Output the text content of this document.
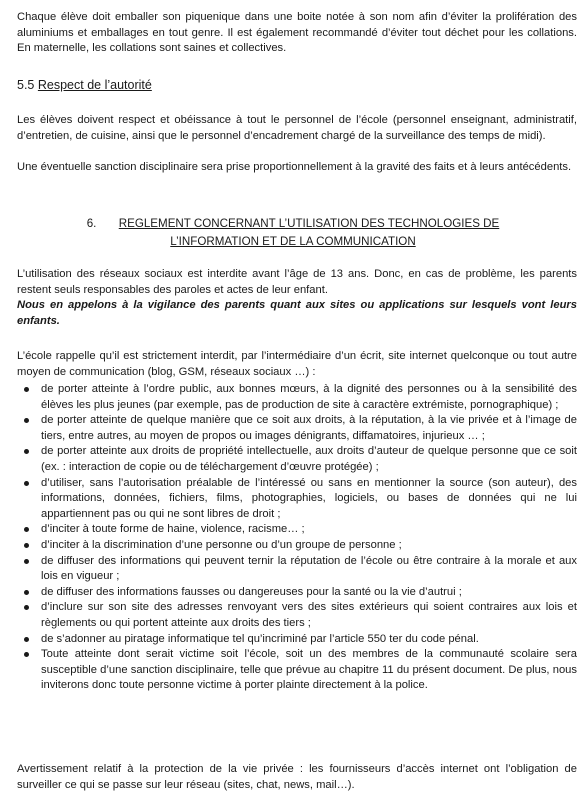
Chaque élève doit emballer son piquenique dans une boite notée à son nom afin d’éviter la prolifération des aluminiums et emballages en tout genre. Il est également recommandé d’éviter tout déchet pour les collations. En maternelle, les collations sont saines et collectives.

5.5 Respect de l’autorité

Les élèves doivent respect et obéissance à tout le personnel de l’école (personnel enseignant, administratif, d’entretien, de cuisine, ainsi que le personnel d’encadrement chargé de la surveillance des temps de midi).

Une éventuelle sanction disciplinaire sera prise proportionnellement à la gravité des faits et à leurs antécédents.

6. REGLEMENT CONCERNANT L’UTILISATION DES TECHNOLOGIES DE
L’INFORMATION ET DE LA COMMUNICATION

L’utilisation des réseaux sociaux est interdite avant l’âge de 13 ans. Donc, en cas de problème, les parents restent seuls responsables des paroles et actes de leur enfant.

Nous en appelons à la vigilance des parents quant aux sites ou applications sur lesquels vont leurs enfants.

L’école rappelle qu’il est strictement interdit, par l’intermédiaire d’un écrit, site internet quelconque ou tout autre moyen de communication (blog, GSM, réseaux sociaux …) :

de porter atteinte à l’ordre public, aux bonnes mœurs, à la dignité des personnes ou à la sensibilité des élèves les plus jeunes (par exemple, pas de production de site à caractère extrémiste, pornographique) ;
de porter atteinte de quelque manière que ce soit aux droits, à la réputation, à la vie privée et à l’image de tiers, entre autres, au moyen de propos ou images dénigrants, diffamatoires, injurieux … ;
de porter atteinte aux droits de propriété intellectuelle, aux droits d’auteur de quelque personne que ce soit (ex. : interaction de copie ou de téléchargement d’œuvre protégée) ;
d’utiliser, sans l’autorisation préalable de l’intéressé ou sans en mentionner la source (son auteur), des informations, données, fichiers, films, photographies, logiciels, ou bases de données qui ne lui appartiennent pas ou qui ne sont libres de droit ;
d’inciter à toute forme de haine, violence, racisme… ;
d’inciter à la discrimination d’une personne ou d’un groupe de personne ;
de diffuser des informations qui peuvent ternir la réputation de l’école ou être contraire à la morale et aux lois en vigueur ;
de diffuser des informations fausses ou dangereuses pour la santé ou la vie d’autrui ;
d’inclure sur son site des adresses renvoyant vers des sites extérieurs qui soient contraires aux lois et règlements ou qui portent atteinte aux droits des tiers ;
de s’adonner au piratage informatique tel qu’incriminé par l’article 550 ter du code pénal.
Toute atteinte dont serait victime soit l’école, soit un des membres de la communauté scolaire sera susceptible d’une sanction disciplinaire, telle que prévue au chapitre 11 du présent document. De plus, nous inviterons donc toute personne victime à porter plainte directement à la police.

Avertissement relatif à la protection de la vie privée : les fournisseurs d’accès internet ont l’obligation de surveiller ce qui se passe sur leur réseau (sites, chat, news, mail…).
